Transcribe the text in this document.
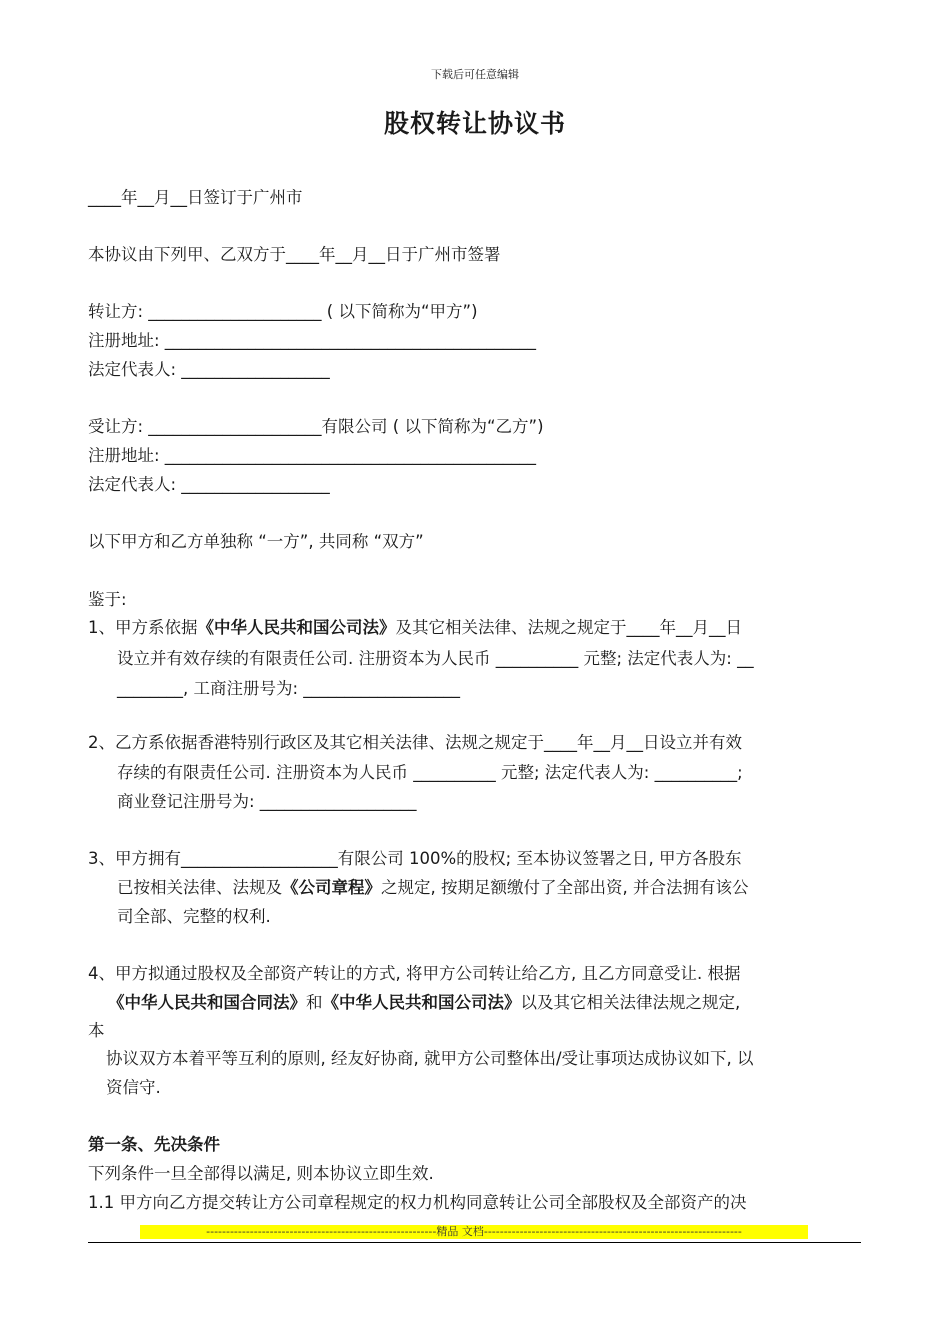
下载后可任意编辑
股权转让协议书
____年__月__日签订于广州市
本协议由下列甲、乙双方于____年__月__日于广州市签署
转让方: _____________________ ( 以下简称为“甲方”)
注册地址: _____________________________________________
法定代表人: __________________
受让方: _____________________有限公司 ( 以下简称为“乙方”)
注册地址: _____________________________________________
法定代表人: __________________
以下甲方和乙方单独称 “一方”, 共同称 “双方”
鉴于:
1、甲方系依据《中华人民共和国公司法》及其它相关法律、法规之规定于____年__月__日
设立并有效存续的有限责任公司. 注册资本为人民币 __________ 元整; 法定代表人为: __
________, 工商注册号为: ___________________
2、乙方系依据香港特别行政区及其它相关法律、法规之规定于____年__月__日设立并有效
存续的有限责任公司. 注册资本为人民币 __________ 元整; 法定代表人为: __________;
商业登记注册号为: ___________________
3、甲方拥有___________________有限公司 100%的股权; 至本协议签署之日, 甲方各股东
已按相关法律、法规及《公司章程》之规定, 按期足额缴付了全部出资, 并合法拥有该公
司全部、完整的权利.
4、甲方拟通过股权及全部资产转让的方式, 将甲方公司转让给乙方, 且乙方同意受让. 根据
《中华人民共和国合同法》和《中华人民共和国公司法》以及其它相关法律法规之规定,
本
协议双方本着平等互利的原则, 经友好协商, 就甲方公司整体出/受让事项达成协议如下, 以
资信守.
第一条、先决条件
下列条件一旦全部得以满足, 则本协议立即生效.
1.1 甲方向乙方提交转让方公司章程规定的权力机构同意转让公司全部股权及全部资产的决
----------------------------------------------------------精品 文档-----------------------------------------------------------------
